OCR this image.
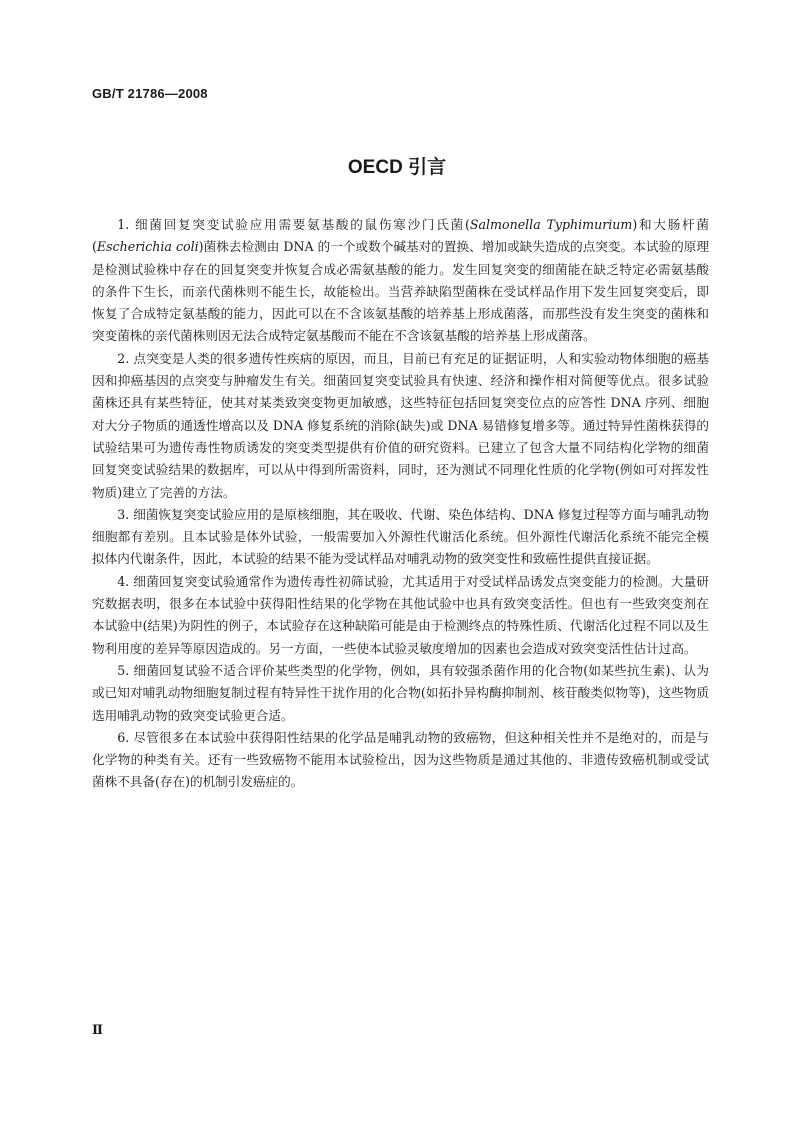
GB/T 21786—2008
OECD 引言

1. 细菌回复突变试验应用需要氨基酸的鼠伤寒沙门氏菌(Salmonella Typhimurium)和大肠杆菌(Escherichia coli)菌株去检测由 DNA 的一个或数个碱基对的置换、增加或缺失造成的点突变。本试验的原理是检测试验株中存在的回复突变并恢复合成必需氨基酸的能力。发生回复突变的细菌能在缺乏特定必需氨基酸的条件下生长，而亲代菌株则不能生长，故能检出。当营养缺陷型菌株在受试样品作用下发生回复突变后，即恢复了合成特定氨基酸的能力，因此可以在不含该氨基酸的培养基上形成菌落，而那些没有发生突变的菌株和突变菌株的亲代菌株则因无法合成特定氨基酸而不能在不含该氨基酸的培养基上形成菌落。

2. 点突变是人类的很多遗传性疾病的原因，而且，目前已有充足的证据证明，人和实验动物体细胞的癌基因和抑癌基因的点突变与肿瘤发生有关。细菌回复突变试验具有快速、经济和操作相对简便等优点。很多试验菌株还具有某些特征，使其对某类致突变物更加敏感，这些特征包括回复突变位点的应答性 DNA 序列、细胞对大分子物质的通透性增高以及 DNA 修复系统的消除(缺失)或 DNA 易错修复增多等。通过特异性菌株获得的试验结果可为遗传毒性物质诱发的突变类型提供有价值的研究资料。已建立了包含大量不同结构化学物的细菌回复突变试验结果的数据库，可以从中得到所需资料，同时，还为测试不同理化性质的化学物(例如可对挥发性物质)建立了完善的方法。

3. 细菌恢复突变试验应用的是原核细胞，其在吸收、代谢、染色体结构、DNA 修复过程等方面与哺乳动物细胞都有差别。且本试验是体外试验，一般需要加入外源性代谢活化系统。但外源性代谢活化系统不能完全模拟体内代谢条件，因此，本试验的结果不能为受试样品对哺乳动物的致突变性和致癌性提供直接证据。

4. 细菌回复突变试验通常作为遗传毒性初筛试验，尤其适用于对受试样品诱发点突变能力的检测。大量研究数据表明，很多在本试验中获得阳性结果的化学物在其他试验中也具有致突变活性。但也有一些致突变剂在本试验中(结果)为阴性的例子，本试验存在这种缺陷可能是由于检测终点的特殊性质、代谢活化过程不同以及生物利用度的差异等原因造成的。另一方面，一些使本试验灵敏度增加的因素也会造成对致突变活性估计过高。

5. 细菌回复试验不适合评价某些类型的化学物，例如，具有较强杀菌作用的化合物(如某些抗生素)、认为或已知对哺乳动物细胞复制过程有特异性干扰作用的化合物(如拓扑异构酶抑制剂、核苷酸类似物等)，这些物质选用哺乳动物的致突变试验更合适。

6. 尽管很多在本试验中获得阳性结果的化学品是哺乳动物的致癌物，但这种相关性并不是绝对的，而是与化学物的种类有关。还有一些致癌物不能用本试验检出，因为这些物质是通过其他的、非遗传致癌机制或受试菌株不具备(存在)的机制引发癌症的。

Ⅱ
